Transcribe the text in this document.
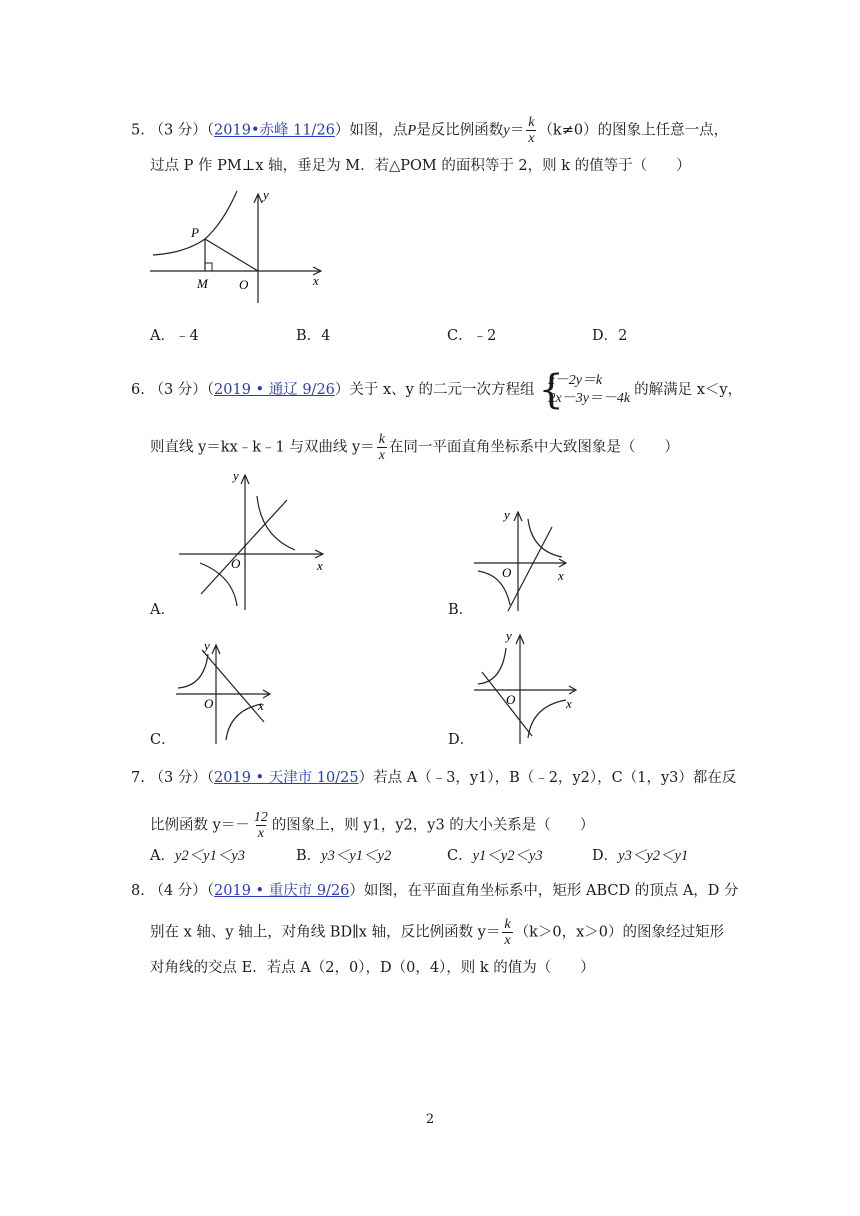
5. （3 分）（2019•赤峰 11/26）如图，点P是反比例函数$y= \frac{k}{x} (k\ne 0)$的图象上任意一点，
过点 P 作 PM⊥x 轴，垂足为 M．若△POM 的面积等于 2，则 k 的值等于（　　）
P
M O	x
y
A．﹣4	B．4	C．﹣2	D．2
6. （3 分）（2019 • 通辽 9/26）关于 x、y 的二元一次方程组 {
x－2y＝k
2x－3y＝－4k
的解满足 x＜y，
则直线 y＝kx﹣k﹣1 与双曲线 $y= \frac{k}{x}$ 在同一平面直角坐标系中大致图象是（　　）
O	x
y
A．
O	x
y
B．
O	x
y
C．
O	x
y
D．
7. （3 分）（2019 • 天津市 10/25）若点 A（﹣3，y1），B（﹣2，y2），C（1，y3）都在反
比例函数 $y=- \frac{12}{x}$ 的图象上，则 y1，y2，y3 的大小关系是（　　）
A．y2＜y1＜y3	B．y3＜y1＜y2	C．y1＜y2＜y3	D．y3＜y2＜y1
8. （4 分）（2019 • 重庆市 9/26）如图，在平面直角坐标系中，矩形 ABCD 的顶点 A，D 分
别在 x 轴、y 轴上，对角线 BD∥x 轴，反比例函数 $y= \frac{k}{x} (k>0$，x＞0）的图象经过矩形
对角线的交点 E．若点 A（2，0），D（0，4），则 k 的值为（　　）
2
